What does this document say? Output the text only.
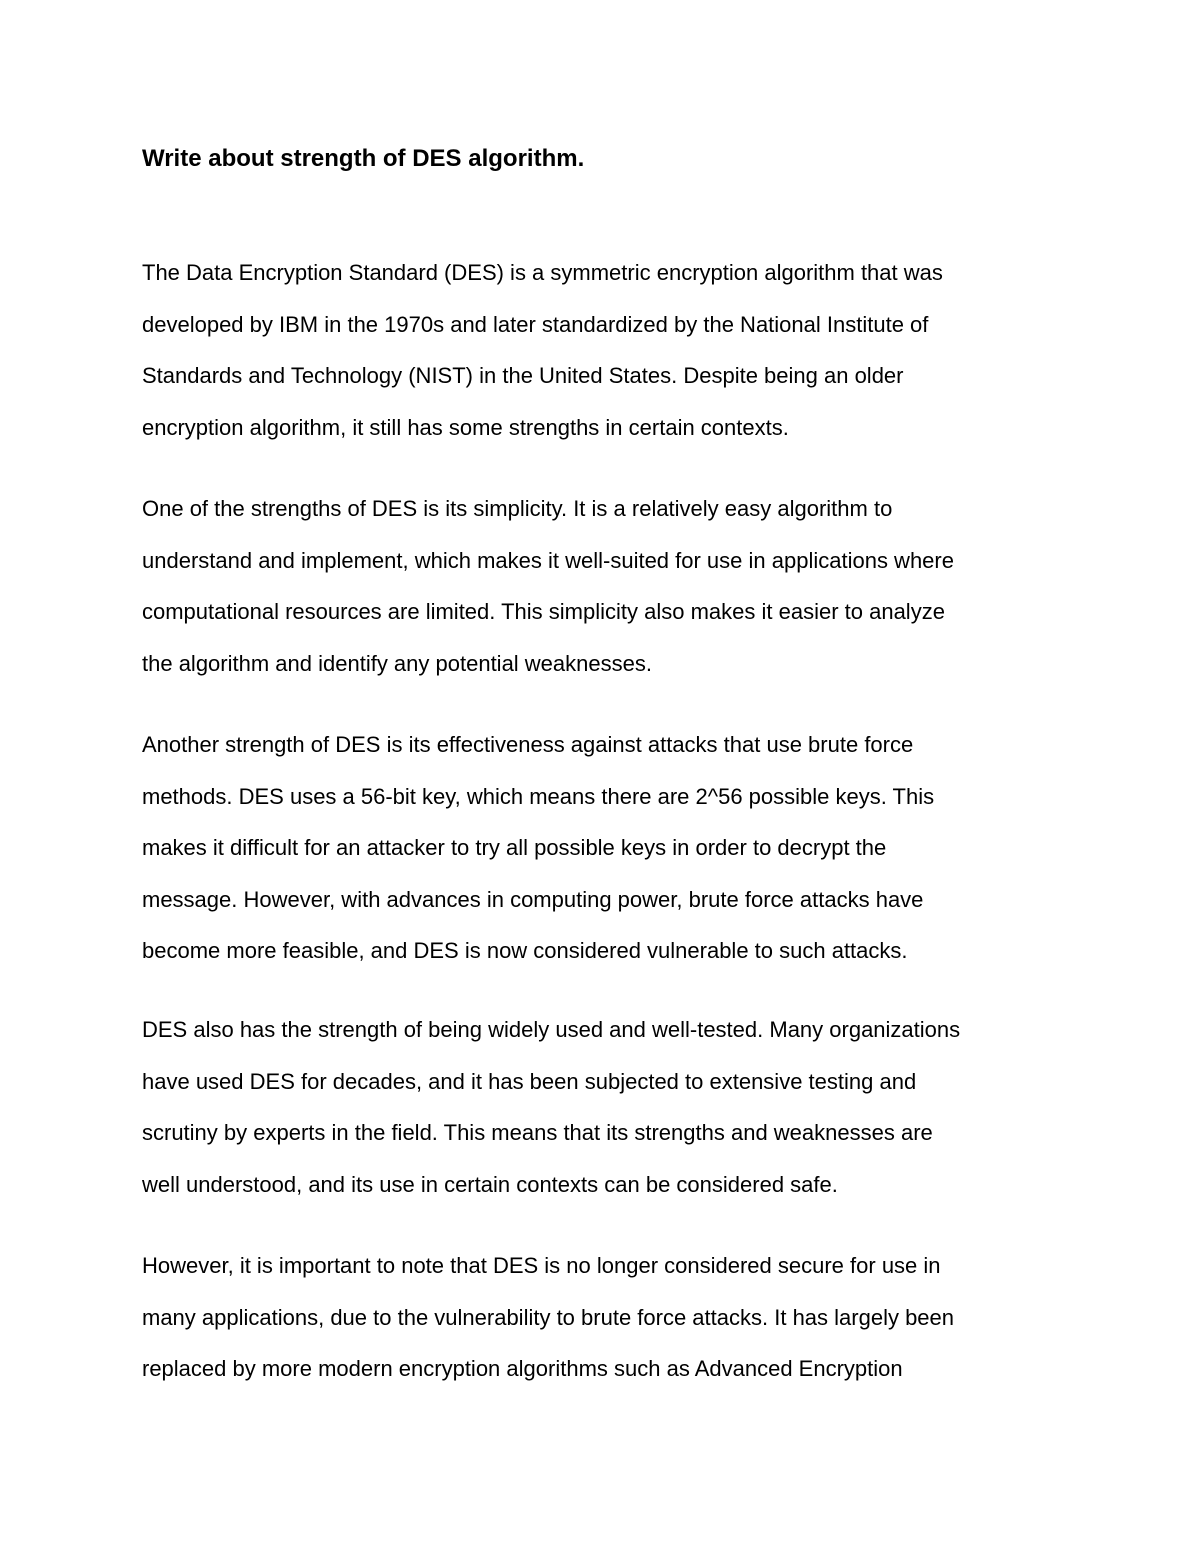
Write about strength of DES algorithm.

The Data Encryption Standard (DES) is a symmetric encryption algorithm that was
developed by IBM in the 1970s and later standardized by the National Institute of
Standards and Technology (NIST) in the United States. Despite being an older
encryption algorithm, it still has some strengths in certain contexts.

One of the strengths of DES is its simplicity. It is a relatively easy algorithm to
understand and implement, which makes it well-suited for use in applications where
computational resources are limited. This simplicity also makes it easier to analyze
the algorithm and identify any potential weaknesses.

Another strength of DES is its effectiveness against attacks that use brute force
methods. DES uses a 56-bit key, which means there are 2^56 possible keys. This
makes it difficult for an attacker to try all possible keys in order to decrypt the
message. However, with advances in computing power, brute force attacks have
become more feasible, and DES is now considered vulnerable to such attacks.

DES also has the strength of being widely used and well-tested. Many organizations
have used DES for decades, and it has been subjected to extensive testing and
scrutiny by experts in the field. This means that its strengths and weaknesses are
well understood, and its use in certain contexts can be considered safe.

However, it is important to note that DES is no longer considered secure for use in
many applications, due to the vulnerability to brute force attacks. It has largely been
replaced by more modern encryption algorithms such as Advanced Encryption
